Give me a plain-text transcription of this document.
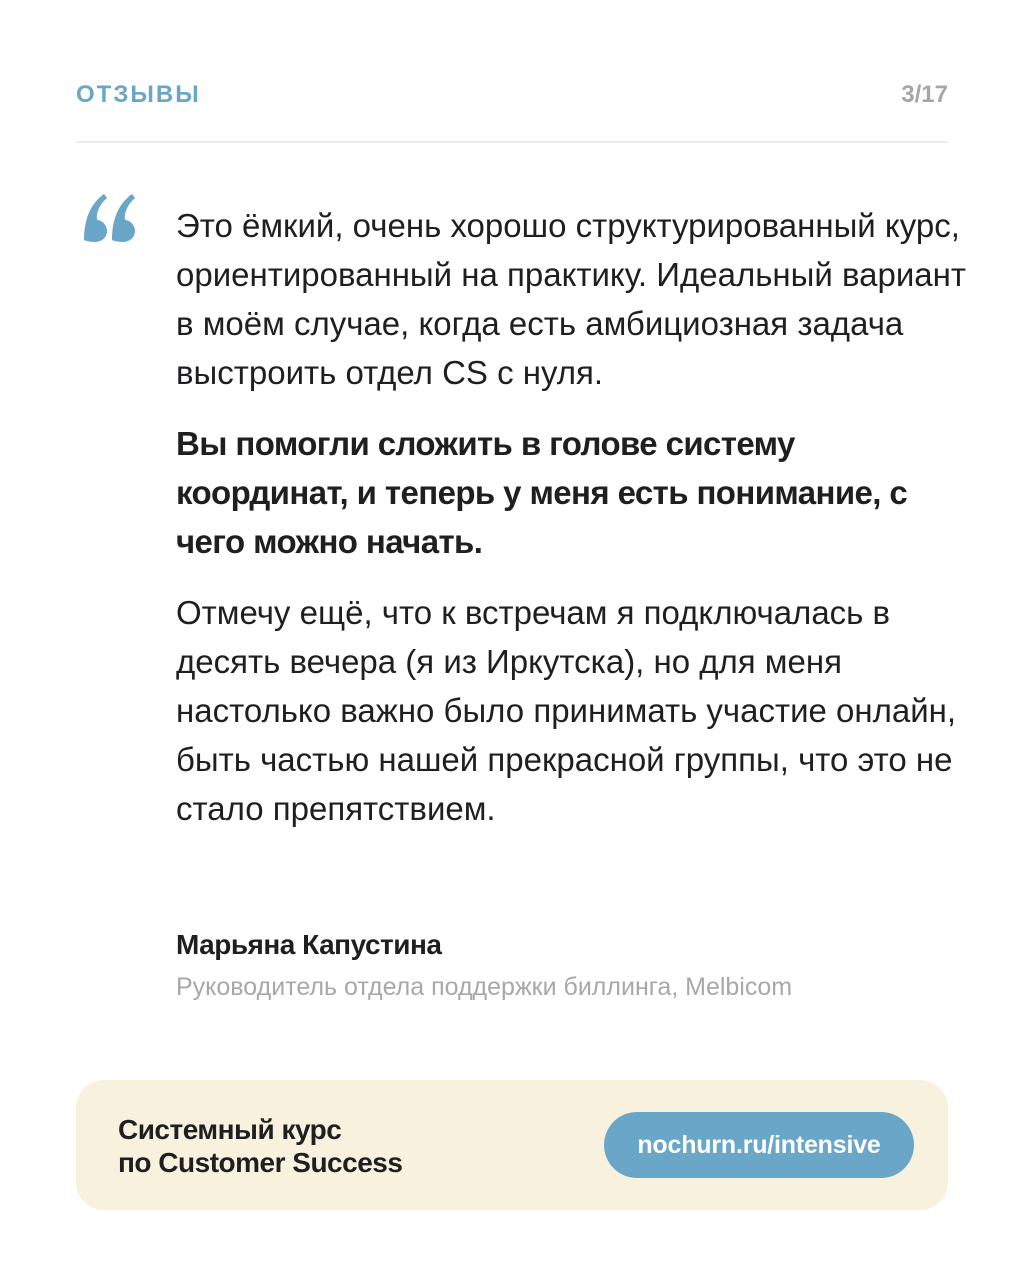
ОТЗЫВЫ	3/17

Это ёмкий, очень хорошо структурированный курс, ориентированный на практику. Идеальный вариант в моём случае, когда есть амбициозная задача выстроить отдел CS с нуля.

Вы помогли сложить в голове систему координат, и теперь у меня есть понимание, с чего можно начать.

Отмечу ещё, что к встречам я подключалась в десять вечера (я из Иркутска), но для меня настолько важно было принимать участие онлайн, быть частью нашей прекрасной группы, что это не стало препятствием.

Марьяна Капустина
Руководитель отдела поддержки биллинга, Melbicom
Системный курс
по Customer Success
nochurn.ru/intensive
